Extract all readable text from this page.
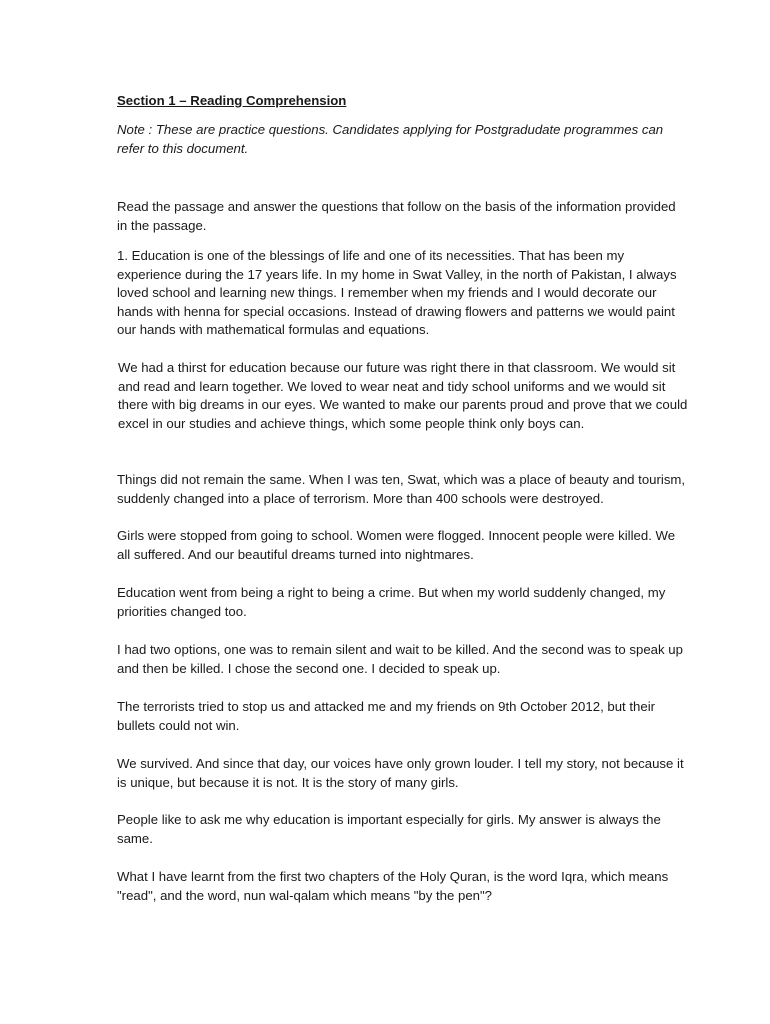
Section 1 – Reading Comprehension

Note : These are practice questions. Candidates applying for Postgradudate programmes can refer to this document.

Read the passage and answer the questions that follow on the basis of the information provided in the passage.

1. Education is one of the blessings of life and one of its necessities. That has been my experience during the 17 years life. In my home in Swat Valley, in the north of Pakistan, I always loved school and learning new things. I remember when my friends and I would decorate our hands with henna for special occasions. Instead of drawing flowers and patterns we would paint our hands with mathematical formulas and equations.

We had a thirst for education because our future was right there in that classroom. We would sit and read and learn together. We loved to wear neat and tidy school uniforms and we would sit there with big dreams in our eyes. We wanted to make our parents proud and prove that we could excel in our studies and achieve things, which some people think only boys can.

Things did not remain the same. When I was ten, Swat, which was a place of beauty and tourism, suddenly changed into a place of terrorism. More than 400 schools were destroyed.

Girls were stopped from going to school. Women were flogged. Innocent people were killed. We all suffered. And our beautiful dreams turned into nightmares.

Education went from being a right to being a crime. But when my world suddenly changed, my priorities changed too.

I had two options, one was to remain silent and wait to be killed. And the second was to speak up and then be killed. I chose the second one. I decided to speak up.

The terrorists tried to stop us and attacked me and my friends on 9th October 2012, but their bullets could not win.

We survived. And since that day, our voices have only grown louder. I tell my story, not because it is unique, but because it is not. It is the story of many girls.

People like to ask me why education is important especially for girls. My answer is always the same.

What I have learnt from the first two chapters of the Holy Quran, is the word Iqra, which means "read", and the word, nun wal-qalam which means "by the pen"?
